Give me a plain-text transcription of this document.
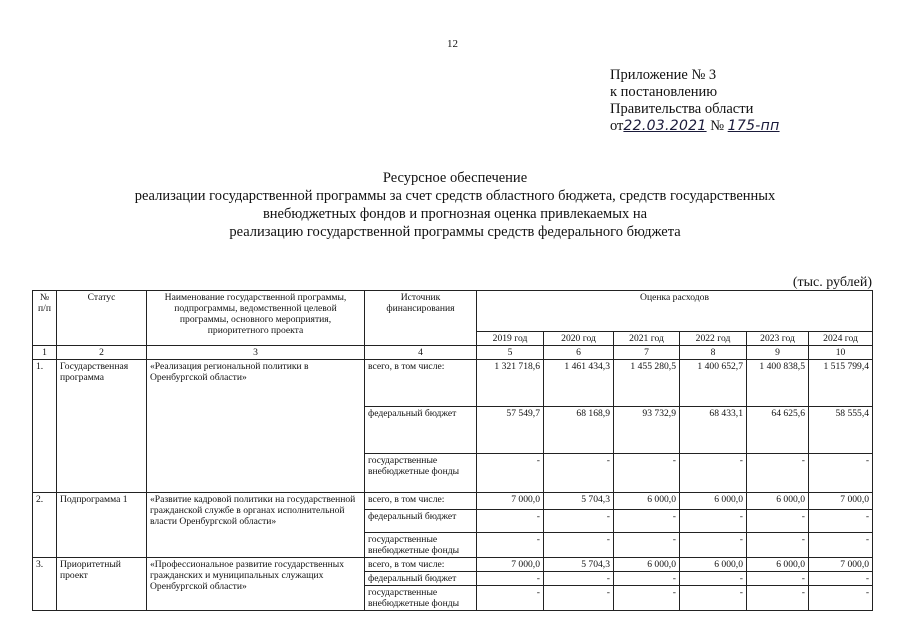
12
Приложение № 3
к постановлению
Правительства области
от22.03.2021 № 175-пп
Ресурсное обеспечение
реализации государственной программы за счет средств областного бюджета, средств государственных
внебюджетных фондов и прогнозная оценка привлекаемых на
реализацию государственной программы средств федерального бюджета
(тыс. рублей)
№ п/п	Статус	Наименование государственной программы, подпрограммы, ведомственной целевой программы, основного мероприятия, приоритетного проекта	Источник финансирования	Оценка расходов					
				2019 год	2020 год	2021 год	2022 год	2023 год	2024 год
1	2	3	4	5	6	7	8	9	10
1.	Государственная программа	«Реализация региональной политики в Оренбургской области»	всего, в том числе:	1 321 718,6	1 461 434,3	1 455 280,5	1 400 652,7	1 400 838,5	1 515 799,4
			федеральный бюджет	57 549,7	68 168,9	93 732,9	68 433,1	64 625,6	58 555,4
			государственные внебюджетные фонды	-	-	-	-	-	-
2.	Подпрограмма 1	«Развитие кадровой политики на государственной гражданской службе в органах исполнительной власти Оренбургской области»	всего, в том числе:	7 000,0	5 704,3	6 000,0	6 000,0	6 000,0	7 000,0
			федеральный бюджет	-	-	-	-	-	-
			государственные внебюджетные фонды	-	-	-	-	-	-
3.	Приоритетный проект	«Профессиональное развитие государственных гражданских и муниципальных служащих Оренбургской области»	всего, в том числе:	7 000,0	5 704,3	6 000,0	6 000,0	6 000,0	7 000,0
			федеральный бюджет	-	-	-	-	-	-
			государственные внебюджетные фонды	-	-	-	-	-	-
